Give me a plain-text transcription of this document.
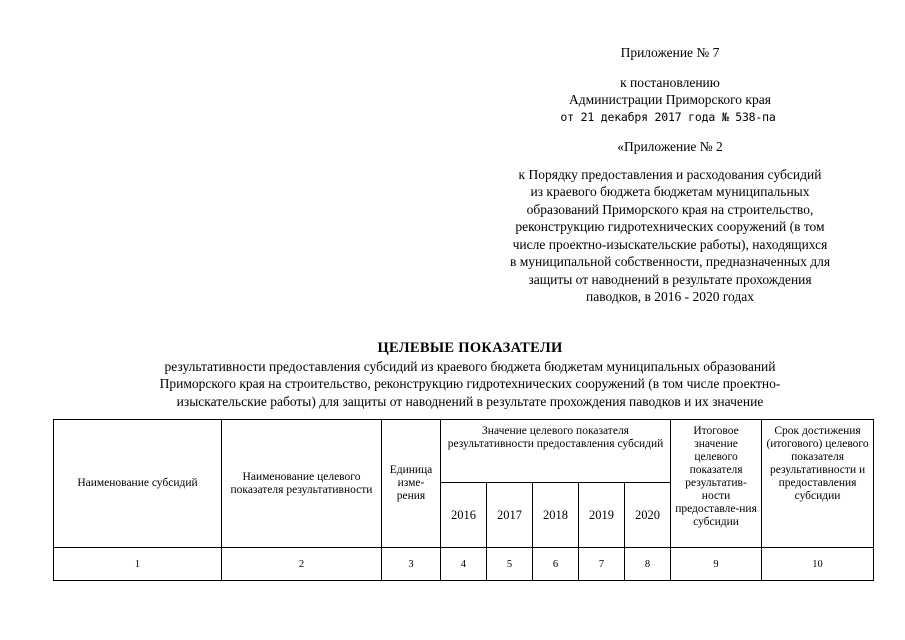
Приложение № 7

к постановлению

Администрации Приморского края

от 21 декабря 2017 года № 538-па

«Приложение № 2

к Порядку предоставления и расходования субсидий

из краевого бюджета бюджетам муниципальных

образований Приморского края на строительство,

реконструкцию гидротехнических сооружений (в том

числе проектно-изыскательские работы), находящихся

в муниципальной собственности, предназначенных для

защиты от наводнений в результате прохождения

паводков, в 2016 - 2020 годах

ЦЕЛЕВЫЕ ПОКАЗАТЕЛИ
результативности предоставления субсидий из краевого бюджета бюджетам муниципальных образований
Приморского края на строительство, реконструкцию гидротехнических сооружений (в том числе проектно-
изыскательские работы) для защиты от наводнений в результате прохождения паводков и их значение
Наименование субсидий	Наименование целевого показателя результативности	Единица изме-рения	Значение целевого показателя результативности предоставления субсидий					Итоговое значение целевого показателя результатив-ности предоставле-ния субсидии	Срок достижения (итогового) целевого показателя результативности и предоставления субсидии
			2016	2017	2018	2019	2020		
1	2	3	4	5	6	7	8	9	10
